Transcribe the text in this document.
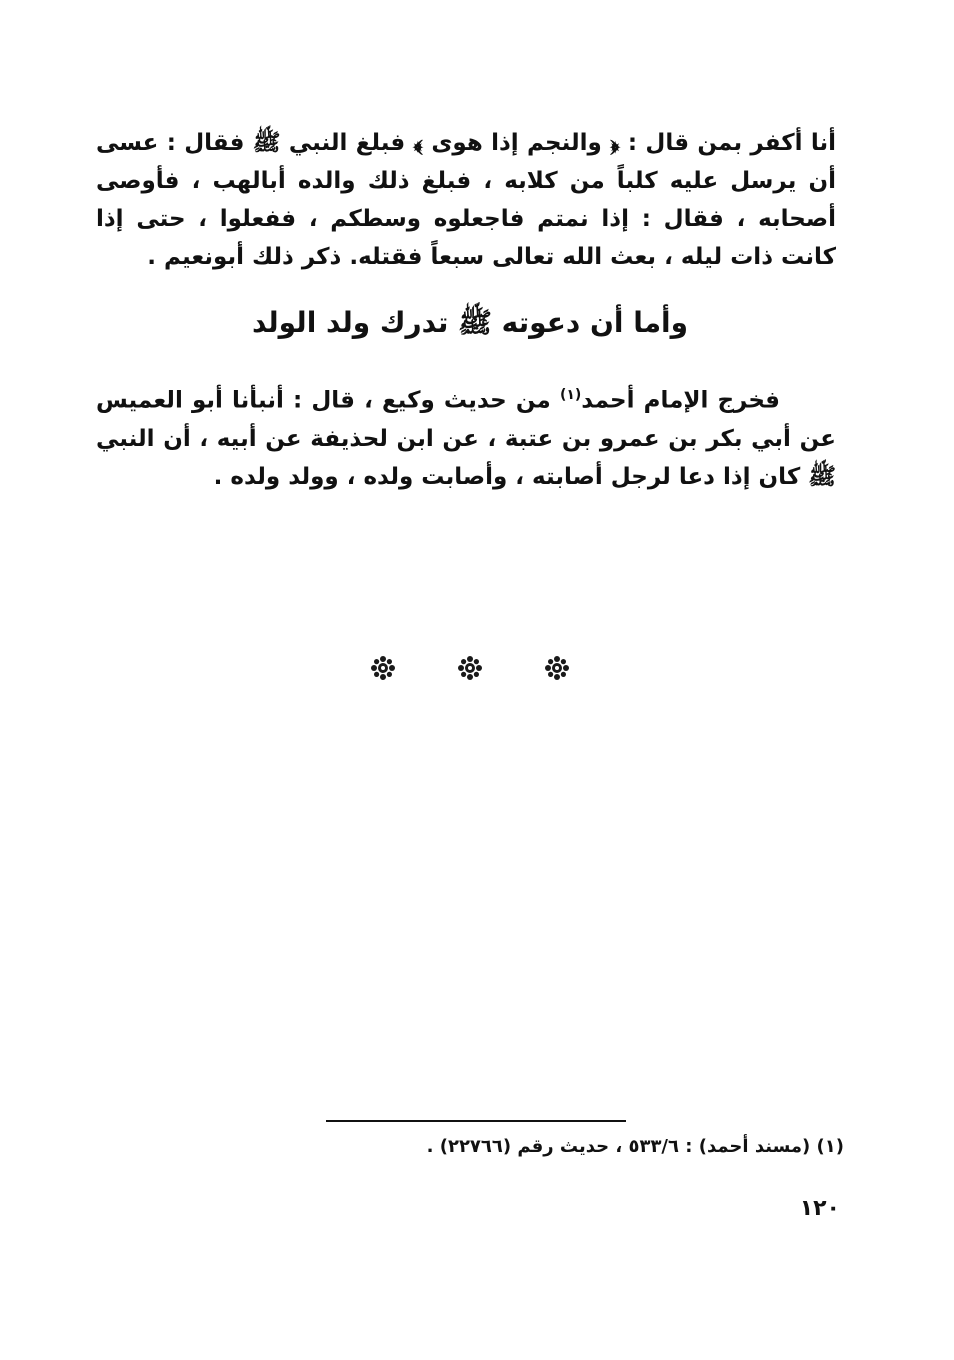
أنا أكفر بمن قال : ﴿ والنجم إذا هوى ﴾ فبلغ النبي ﷺ فقال : عسى أن يرسل عليه كلباً من كلابه ، فبلغ ذلك والده أبالهب ، فأوصى أصحابه ، فقال : إذا نمتم فاجعلوه وسطكم ، ففعلوا ، حتى إذا كانت ذات ليله ، بعث الله تعالى سبعاً فقتله. ذكر ذلك أبونعيم .

وأما أن دعوته ﷺ تدرك ولد الولد

فخرج الإمام أحمد$^{(١)}$ من حديث وكيع ، قال : أنبأنا أبو العميس عن أبي بكر بن عمرو بن عتبة ، عن ابن لحذيفة عن أبيه ، أن النبي ﷺ كان إذا دعا لرجل أصابته ، وأصابت ولده ، وولد ولده .

(١) (مسند أحمد) : ٥٣٣/٦ ، حديث رقم (٢٢٧٦٦) .

١٢٠
